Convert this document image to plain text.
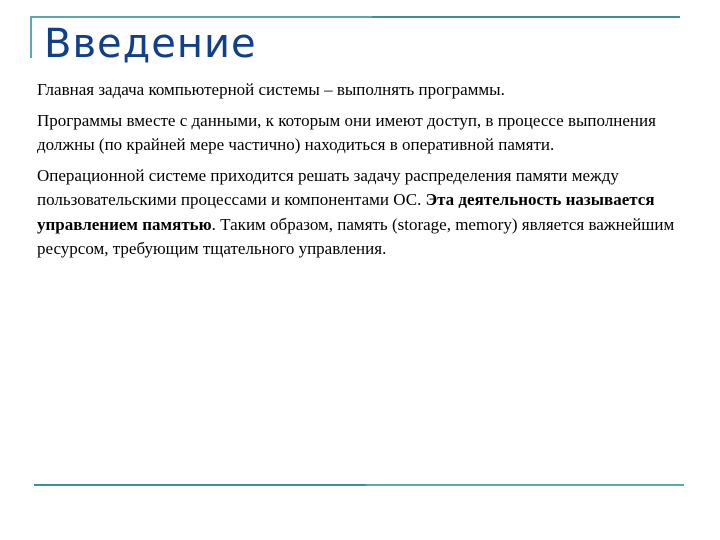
Введение

Главная задача компьютерной системы – выполнять программы.

Программы вместе с данными, к которым они имеют доступ, в процессе выполнения должны (по крайней мере частично) находиться в оперативной памяти.

Операционной системе приходится решать задачу распределения памяти между пользовательскими процессами и компонентами ОС. Эта деятельность называется управлением памятью. Таким образом, память (storage, memory) является важнейшим ресурсом, требующим тщательного управления.
